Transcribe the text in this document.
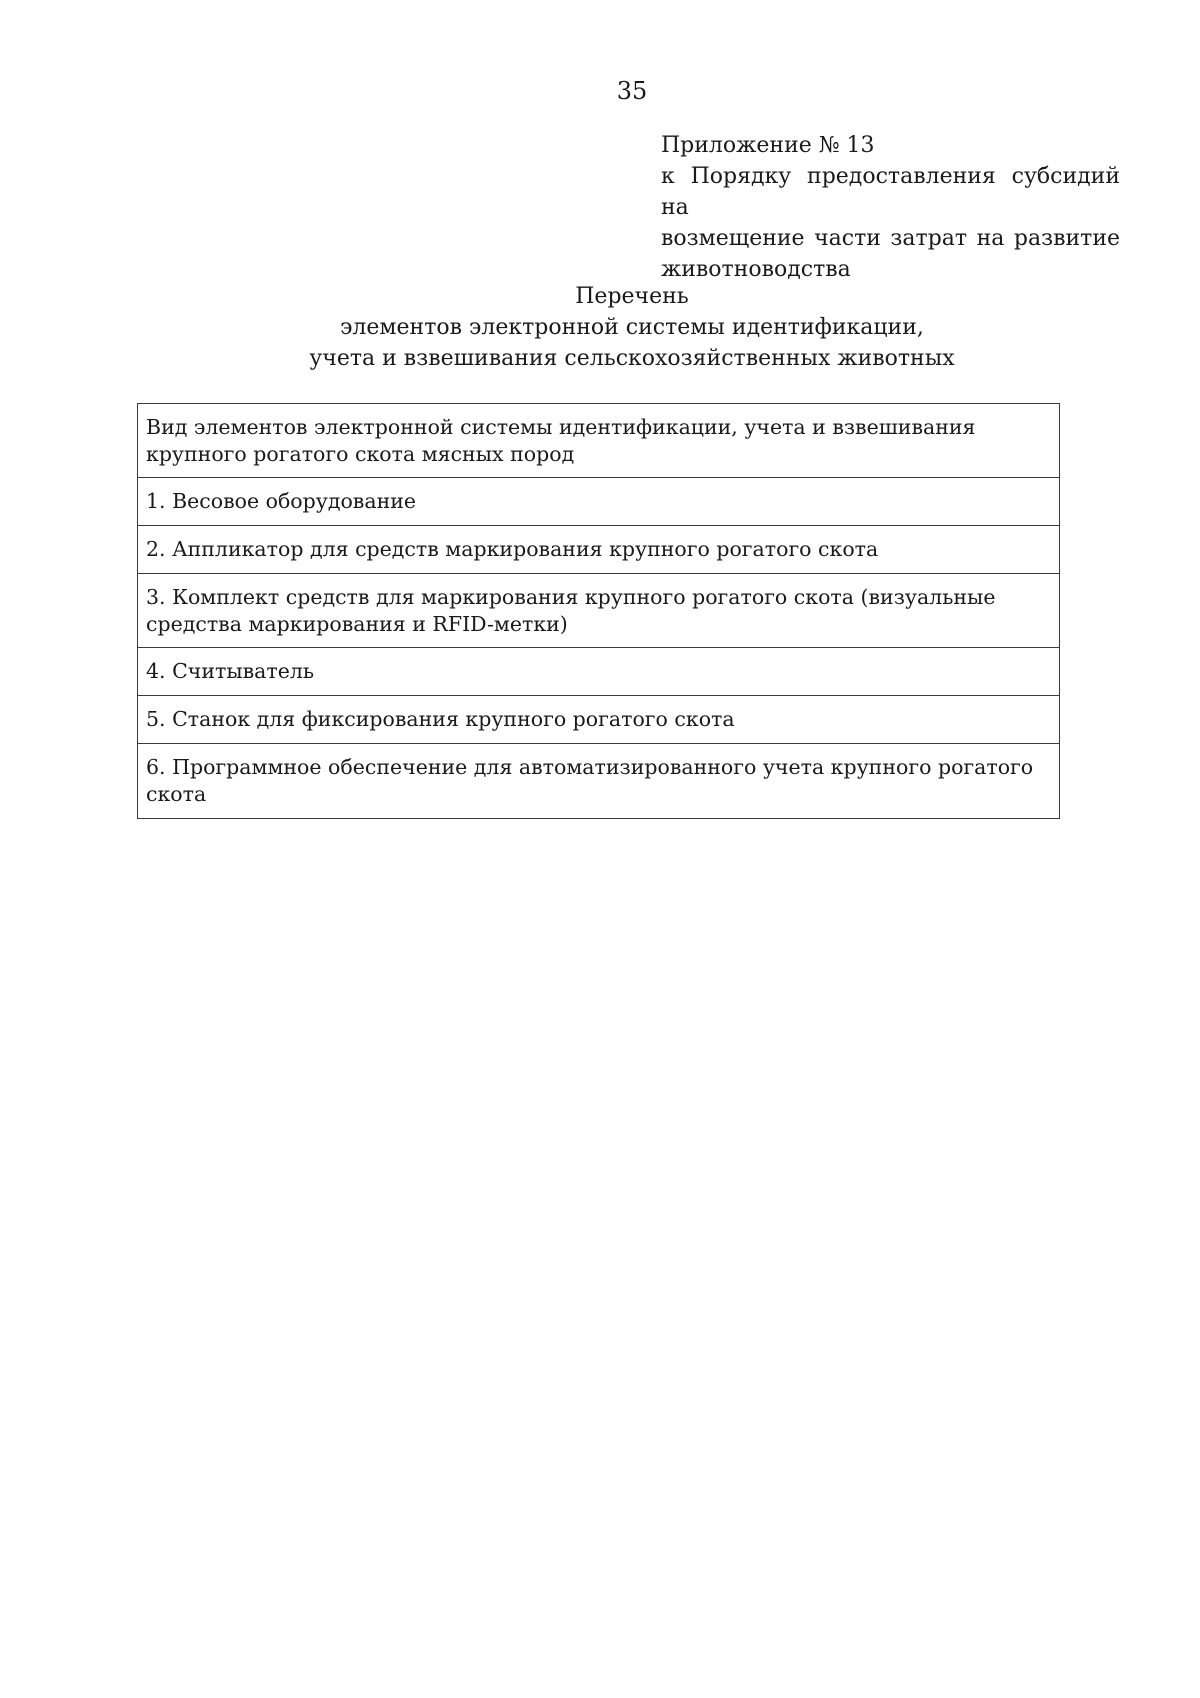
35
Приложение № 13
к Порядку предоставления субсидий на
возмещение части затрат на развитие
животноводства
Перечень
элементов электронной системы идентификации,
учета и взвешивания сельскохозяйственных животных
Вид элементов электронной системы идентификации, учета и взвешивания крупного рогатого скота мясных пород
1. Весовое оборудование
2. Аппликатор для средств маркирования крупного рогатого скота
3. Комплект средств для маркирования крупного рогатого скота (визуальные средства маркирования и RFID-метки)
4. Считыватель
5. Станок для фиксирования крупного рогатого скота
6. Программное обеспечение для автоматизированного учета крупного рогатого скота
